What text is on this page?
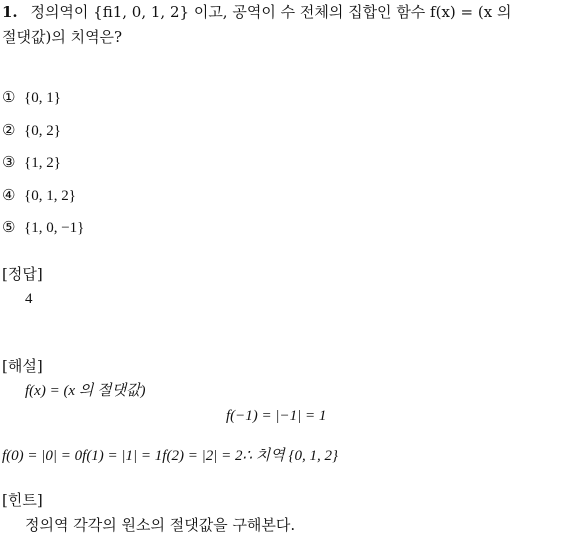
1. 정의역이 {ﬁ1, 0, 1, 2} 이고, 공역이 수 전체의 집합인 함수 f(x) = (x 의
절댓값)의 치역은?
① {0, 1}
② {0, 2}
③ {1, 2}
④ {0, 1, 2}
⑤ {1, 0, −1}
[정답]
4
[해설]
f(x) = (x 의 절댓값)
f(−1) = |−1| = 1
f(0) = |0| = 0f(1) = |1| = 1f(2) = |2| = 2∴ 치역 {0, 1, 2}
[힌트]
정의역 각각의 원소의 절댓값을 구해본다.
